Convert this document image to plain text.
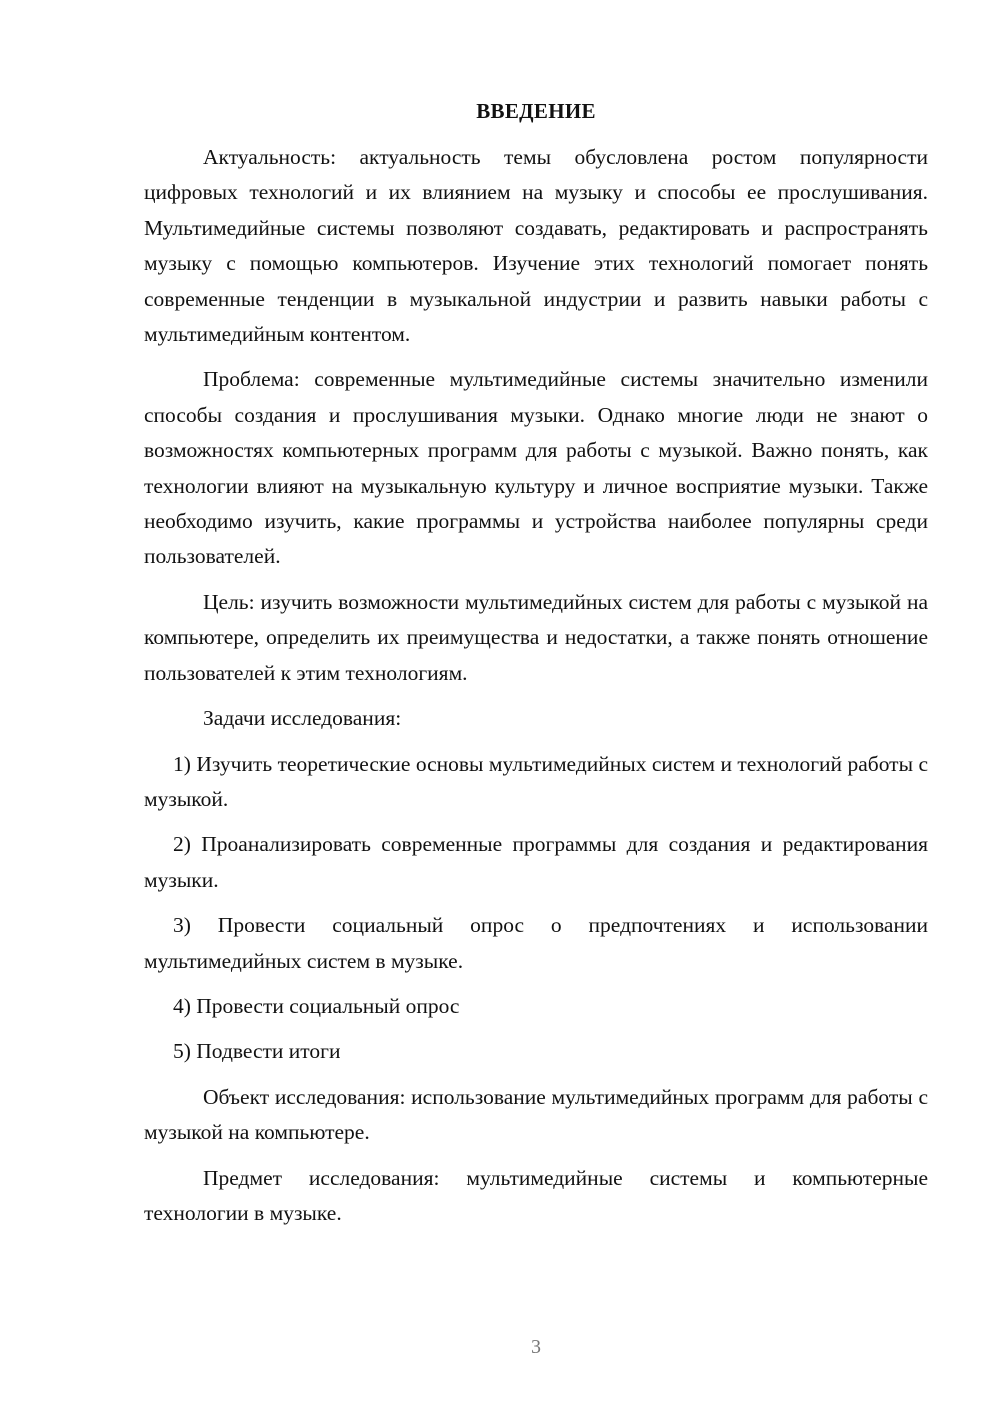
ВВЕДЕНИЕ

Актуальность: актуальность темы обусловлена ростом популярности цифровых технологий и их влиянием на музыку и способы ее прослушивания. Мультимедийные системы позволяют создавать, редактировать и распространять музыку с помощью компьютеров. Изучение этих технологий помогает понять современные тенденции в музыкальной индустрии и развить навыки работы с мультимедийным контентом.

Проблема: современные мультимедийные системы значительно изменили способы создания и прослушивания музыки. Однако многие люди не знают о возможностях компьютерных программ для работы с музыкой. Важно понять, как технологии влияют на музыкальную культуру и личное восприятие музыки. Также необходимо изучить, какие программы и устройства наиболее популярны среди пользователей.

Цель: изучить возможности мультимедийных систем для работы с музыкой на компьютере, определить их преимущества и недостатки, а также понять отношение пользователей к этим технологиям.

Задачи исследования:

1) Изучить теоретические основы мультимедийных систем и технологий работы с музыкой.

2) Проанализировать современные программы для создания и редактирования музыки.

3) Провести социальный опрос о предпочтениях и использовании мультимедийных систем в музыке.

4) Провести социальный опрос

5) Подвести итоги

Объект исследования: использование мультимедийных программ для работы с музыкой на компьютере.

Предмет исследования: мультимедийные системы и компьютерные технологии в музыке.

3
